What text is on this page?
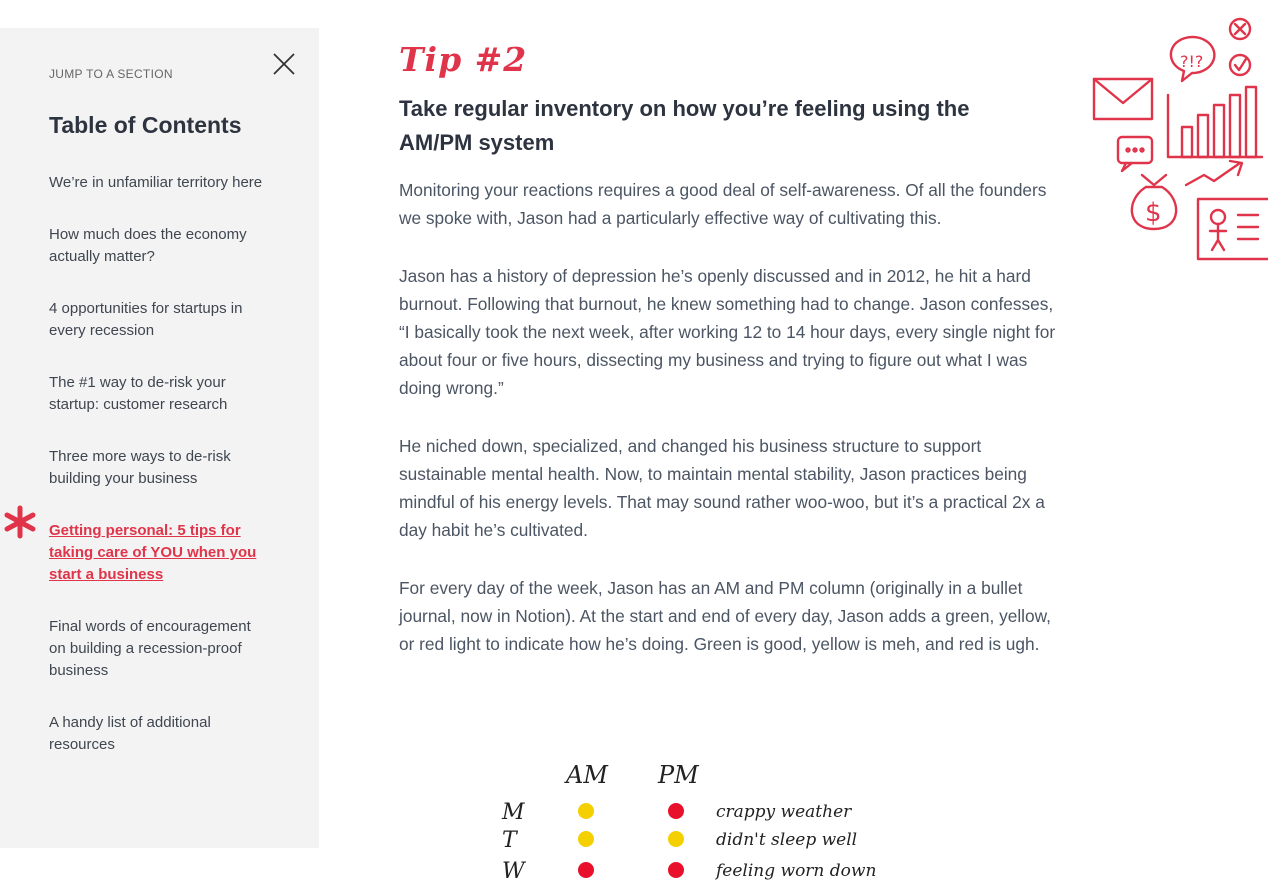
JUMP TO A SECTION
Table of Contents
We’re in unfamiliar territory here
How much does the economy actually matter?
4 opportunities for startups in every recession
The #1 way to de-risk your startup: customer research
Three more ways to de-risk building your business
Getting personal: 5 tips for taking care of YOU when you start a business
Final words of encouragement on building a recession-proof business
A handy list of additional resources
Tip #2
Take regular inventory on how you’re feeling using the AM/PM system

Monitoring your reactions requires a good deal of self-awareness. Of all the founders we spoke with, Jason had a particularly effective way of cultivating this.

Jason has a history of depression he’s openly discussed and in 2012, he hit a hard burnout. Following that burnout, he knew something had to change. Jason confesses, “I basically took the next week, after working 12 to 14 hour days, every single night for about four or five hours, dissecting my business and trying to figure out what I was doing wrong.”

He niched down, specialized, and changed his business structure to support sustainable mental health. Now, to maintain mental stability, Jason practices being mindful of his energy levels. That may sound rather woo-woo, but it’s a practical 2x a day habit he’s cultivated.

For every day of the week, Jason has an AM and PM column (originally in a bullet journal, now in Notion). At the start and end of every day, Jason adds a green, yellow, or red light to indicate how he’s doing. Green is good, yellow is meh, and red is ugh.

?!?
$
AM PM
M	crappy weather
T	didn't sleep well
W	feeling worn down
